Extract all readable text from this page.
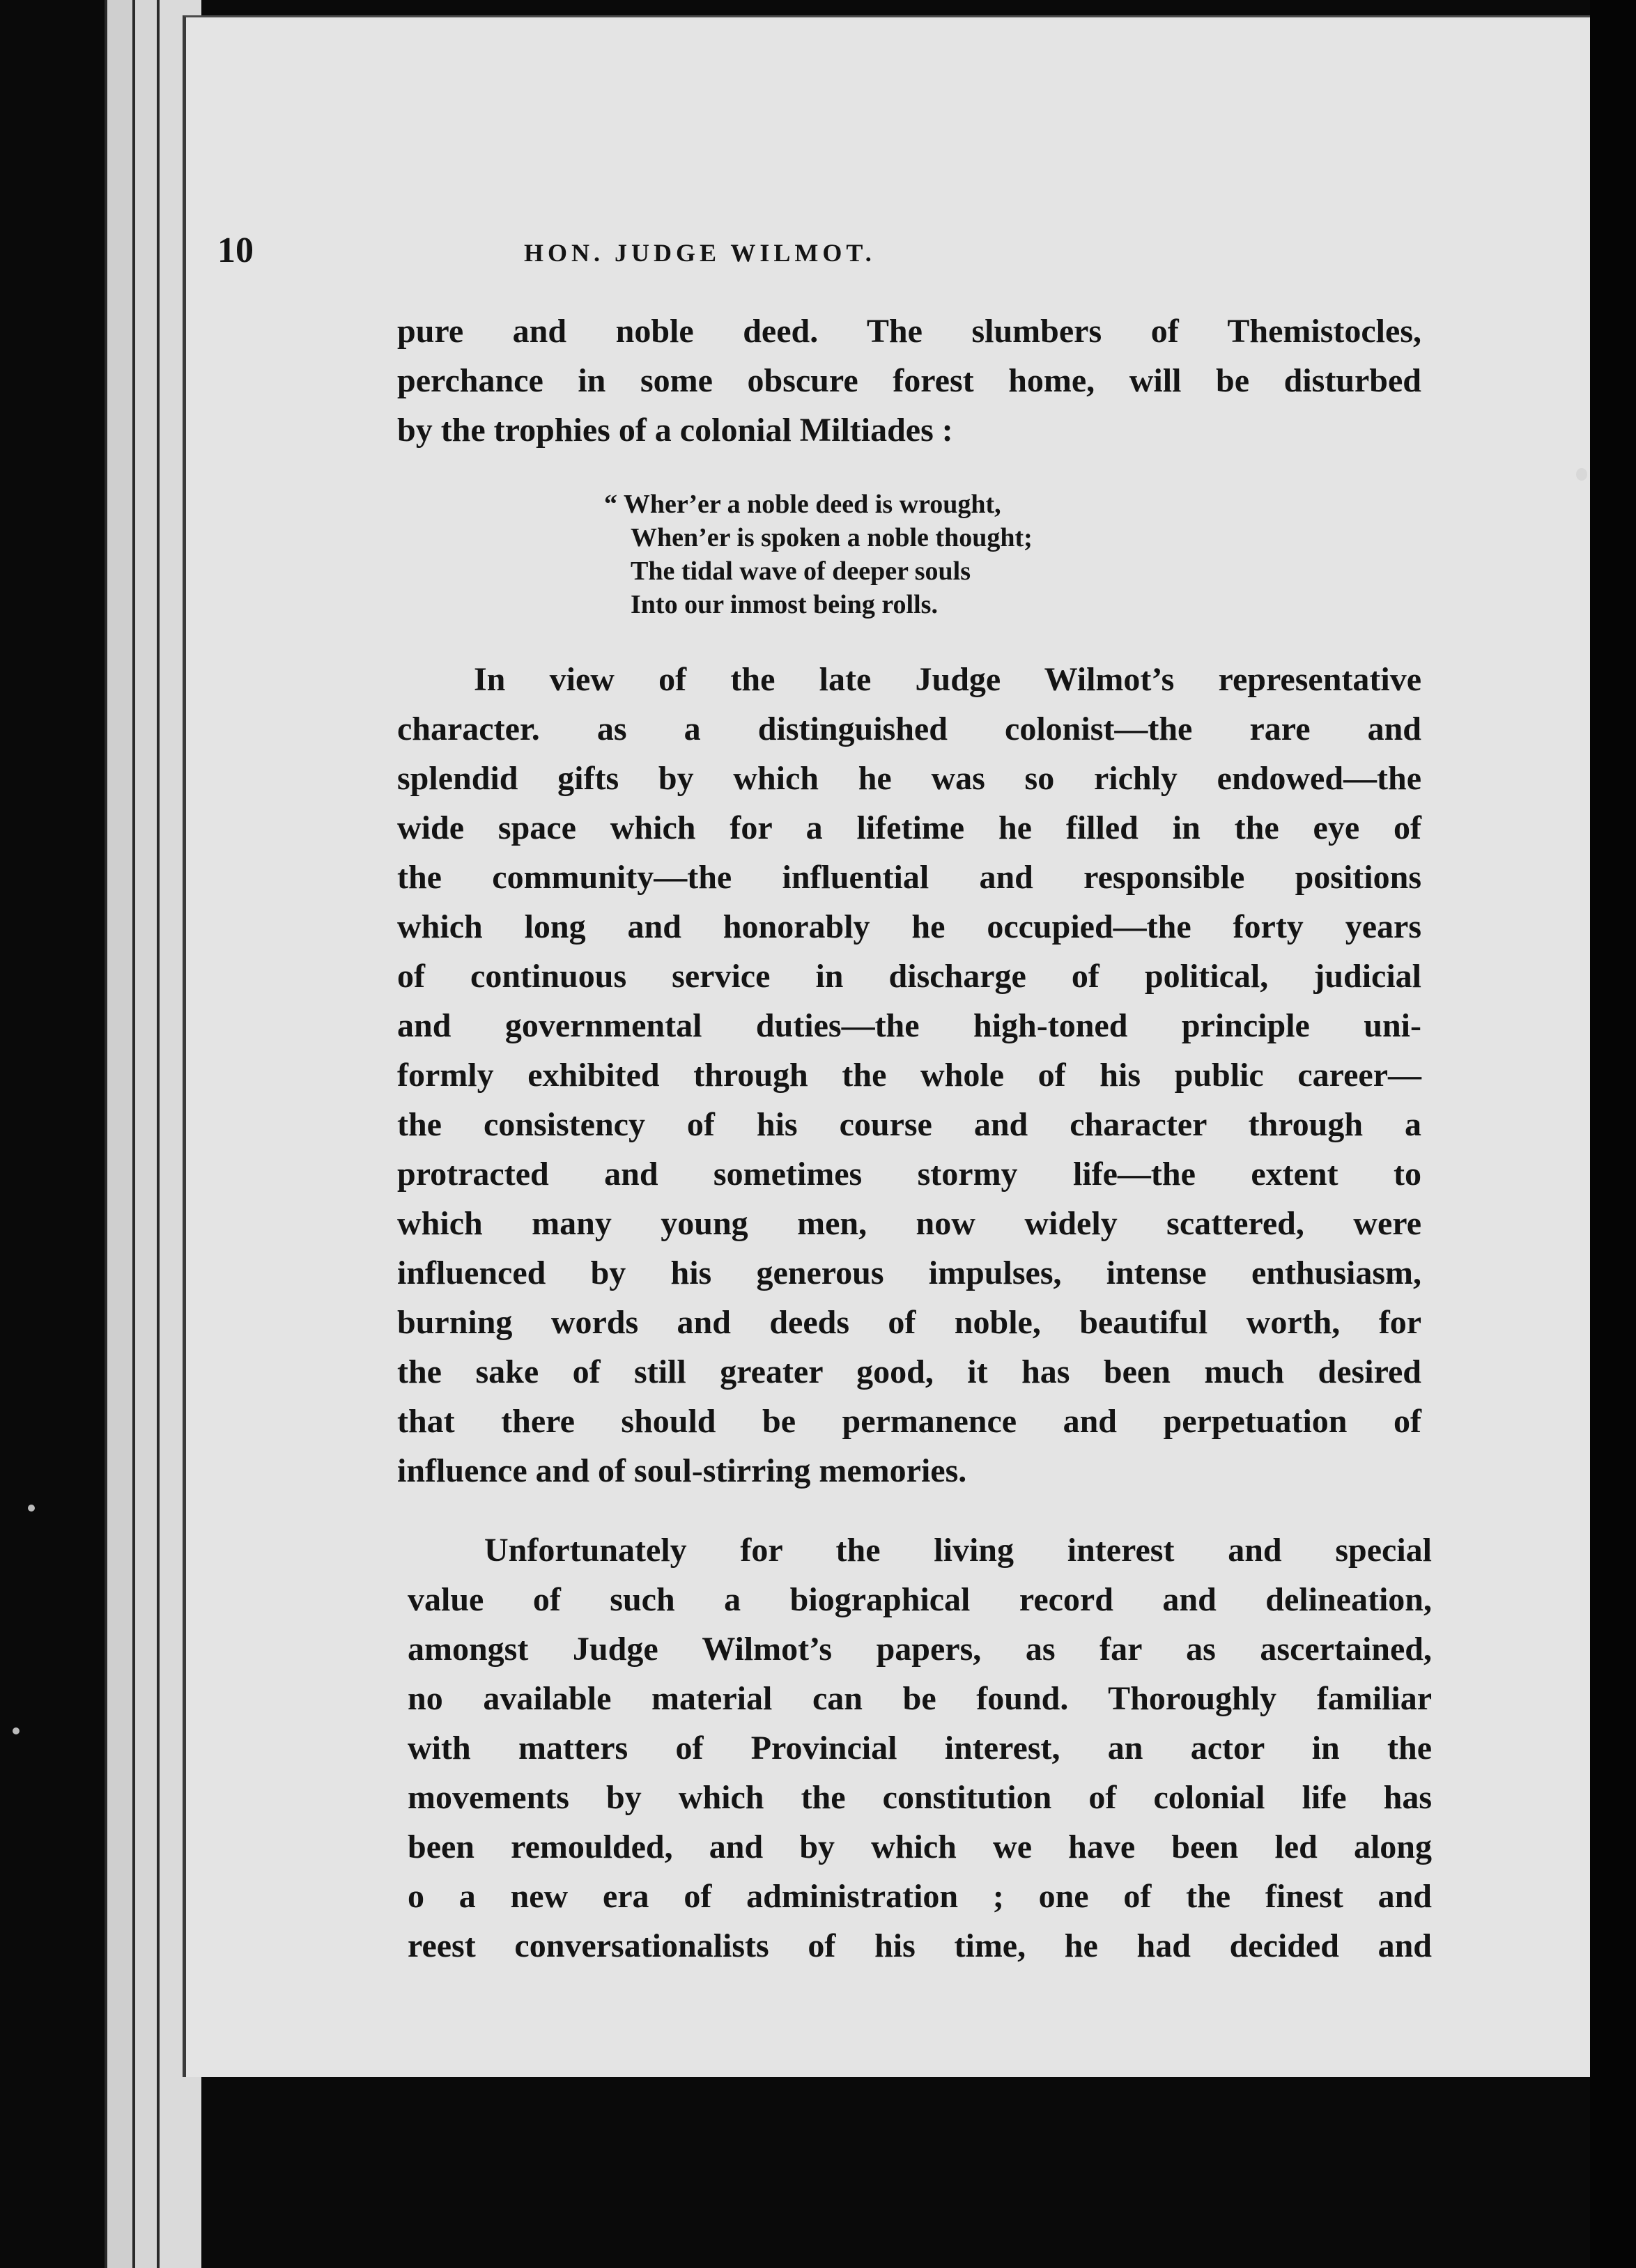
10	HON. JUDGE WILMOT.
pure and noble deed. The slumbers of Themistocles,
perchance in some obscure forest home, will be disturbed
by the trophies of a colonial Miltiades :
“ Wher’er a noble deed is wrought,
When’er is spoken a noble thought;
The tidal wave of deeper souls
Into our inmost being rolls.
In view of the late Judge Wilmot’s representative
character. as a distinguished colonist—the rare and
splendid gifts by which he was so richly endowed—the
wide space which for a lifetime he filled in the eye of
the community—the influential and responsible positions
which long and honorably he occupied—the forty years
of continuous service in discharge of political, judicial
and governmental duties—the high-toned principle uni-
formly exhibited through the whole of his public career—
the consistency of his course and character through a
protracted and sometimes stormy life—the extent to
which many young men, now widely scattered, were
influenced by his generous impulses, intense enthusiasm,
burning words and deeds of noble, beautiful worth, for
the sake of still greater good, it has been much desired
that there should be permanence and perpetuation of
influence and of soul-stirring memories.
Unfortunately for the living interest and special
value of such a biographical record and delineation,
amongst Judge Wilmot’s papers, as far as ascertained,
no available material can be found. Thoroughly familiar
with matters of Provincial interest, an actor in the
movements by which the constitution of colonial life has
been remoulded, and by which we have been led along
o a new era of administration ; one of the finest and
reest conversationalists of his time, he had decided and
